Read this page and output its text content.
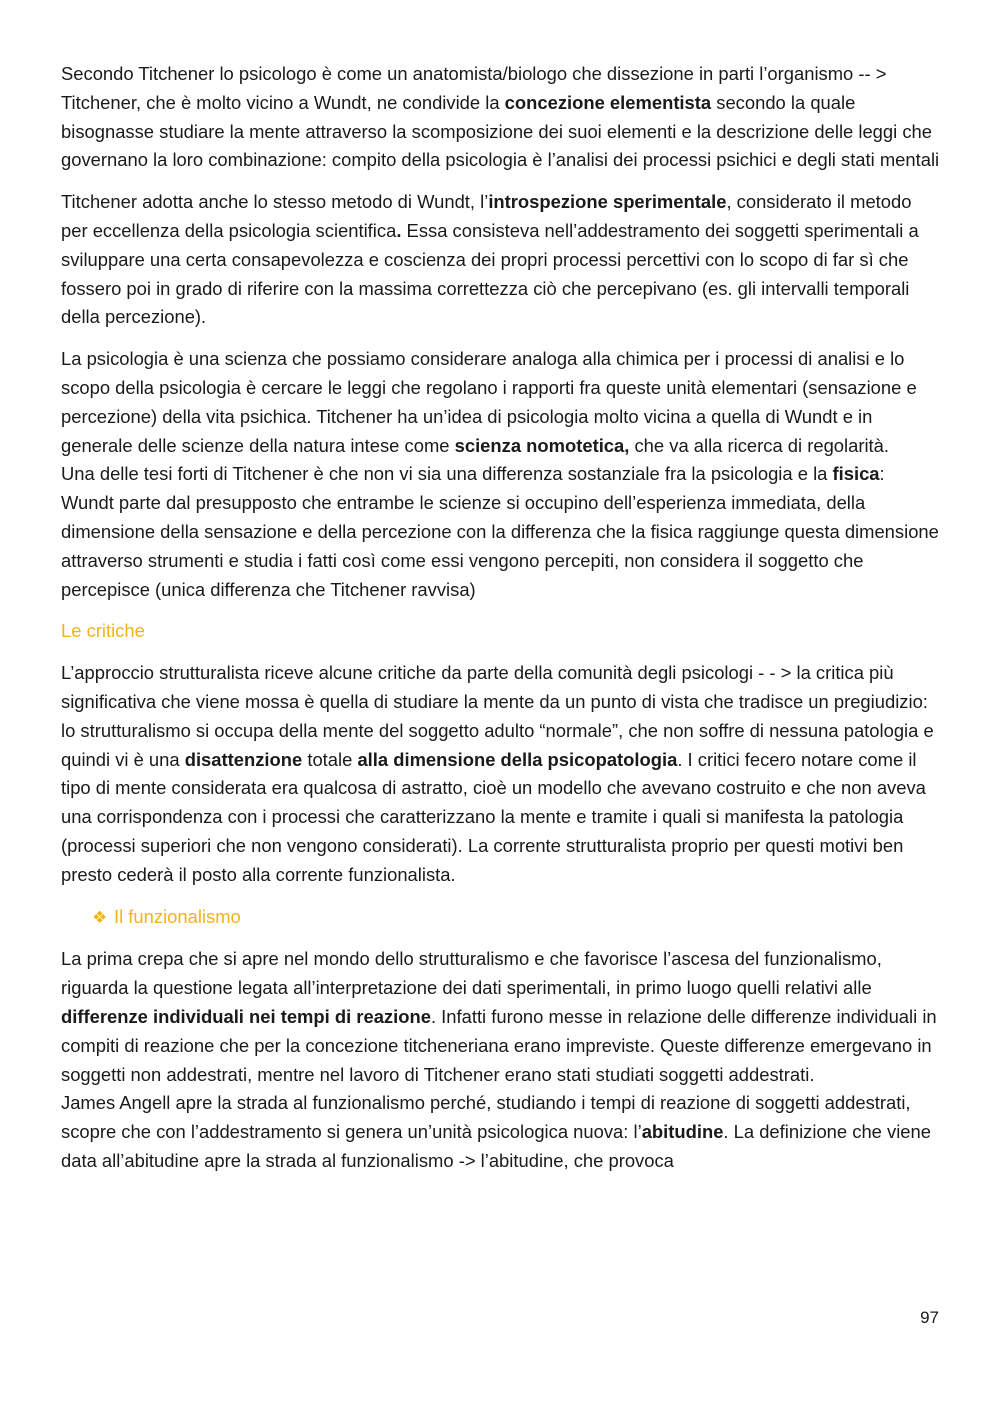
Secondo Titchener lo psicologo è come un anatomista/biologo che dissezione in parti l’organismo -- > Titchener, che è molto vicino a Wundt, ne condivide la concezione elementista secondo la quale bisognasse studiare la mente attraverso la scomposizione dei suoi elementi e la descrizione delle leggi che governano la loro combinazione: compito della psicologia è l’analisi dei processi psichici e degli stati mentali

Titchener adotta anche lo stesso metodo di Wundt, l’introspezione sperimentale, considerato il metodo per eccellenza della psicologia scientifica. Essa consisteva nell’addestramento dei soggetti sperimentali a sviluppare una certa consapevolezza e coscienza dei propri processi percettivi con lo scopo di far sì che fossero poi in grado di riferire con la massima correttezza ciò che percepivano (es. gli intervalli temporali della percezione).

La psicologia è una scienza che possiamo considerare analoga alla chimica per i processi di analisi e lo scopo della psicologia è cercare le leggi che regolano i rapporti fra queste unità elementari (sensazione e percezione) della vita psichica. Titchener ha un’idea di psicologia molto vicina a quella di Wundt e in generale delle scienze della natura intese come scienza nomotetica, che va alla ricerca di regolarità.

Una delle tesi forti di Titchener è che non vi sia una differenza sostanziale fra la psicologia e la fisica: Wundt parte dal presupposto che entrambe le scienze si occupino dell’esperienza immediata, della dimensione della sensazione e della percezione con la differenza che la fisica raggiunge questa dimensione attraverso strumenti e studia i fatti così come essi vengono percepiti, non considera il soggetto che percepisce (unica differenza che Titchener ravvisa)

Le critiche

L’approccio strutturalista riceve alcune critiche da parte della comunità degli psicologi - - > la critica più significativa che viene mossa è quella di studiare la mente da un punto di vista che tradisce un pregiudizio: lo strutturalismo si occupa della mente del soggetto adulto “normale”, che non soffre di nessuna patologia e quindi vi è una disattenzione totale alla dimensione della psicopatologia. I critici fecero notare come il tipo di mente considerata era qualcosa di astratto, cioè un modello che avevano costruito e che non aveva una corrispondenza con i processi che caratterizzano la mente e tramite i quali si manifesta la patologia (processi superiori che non vengono considerati). La corrente strutturalista proprio per questi motivi ben presto cederà il posto alla corrente funzionalista.

❖ Il funzionalismo

La prima crepa che si apre nel mondo dello strutturalismo e che favorisce l’ascesa del funzionalismo, riguarda la questione legata all’interpretazione dei dati sperimentali, in primo luogo quelli relativi alle differenze individuali nei tempi di reazione. Infatti furono messe in relazione delle differenze individuali in compiti di reazione che per la concezione titcheneriana erano impreviste. Queste differenze emergevano in soggetti non addestrati, mentre nel lavoro di Titchener erano stati studiati soggetti addestrati.

James Angell apre la strada al funzionalismo perché, studiando i tempi di reazione di soggetti addestrati, scopre che con l’addestramento si genera un’unità psicologica nuova: l’abitudine. La definizione che viene data all’abitudine apre la strada al funzionalismo -> l’abitudine, che provoca

97
